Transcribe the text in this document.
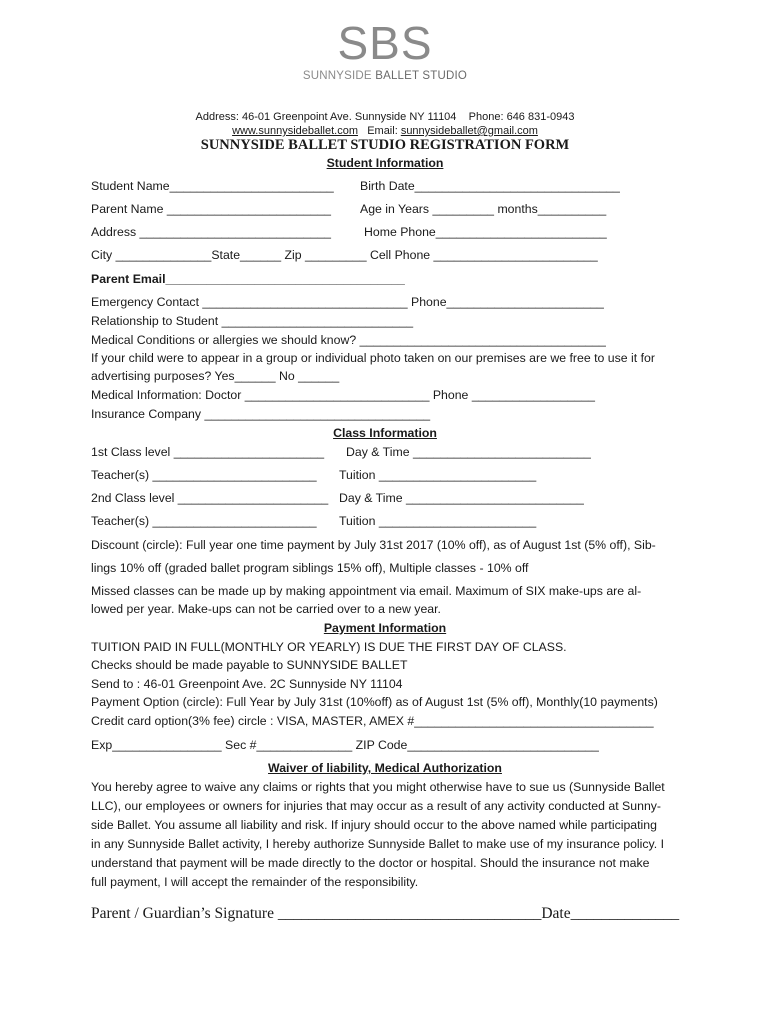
SBS
SUNNYSIDE BALLET STUDIO
Address: 46-01 Greenpoint Ave. Sunnyside NY 11104 Phone: 646 831-0943
www.sunnysideballet.com Email: sunnysideballet@gmail.com
SUNNYSIDE BALLET STUDIO REGISTRATION FORM
Student Information
Student Name________________________ Birth Date______________________________
Parent Name ________________________ Age in Years _________ months__________
Address ____________________________	Home Phone_________________________
City ______________State______ Zip _________ Cell Phone ________________________
Parent Email___________________________________
Emergency Contact ______________________________ Phone_______________________
Relationship to Student ____________________________
Medical Conditions or allergies we should know? ____________________________________
If your child were to appear in a group or individual photo taken on our premises are we free to use it for
advertising purposes? Yes______ No ______
Medical Information: Doctor ___________________________ Phone __________________
Insurance Company _________________________________
Class Information
1st Class level ______________________ Day & Time __________________________
Teacher(s) ________________________ Tuition _______________________
2nd Class level ______________________ Day & Time __________________________
Teacher(s) ________________________ Tuition _______________________
Discount (circle): Full year one time payment by July 31st 2017 (10% off), as of August 1st (5% off), Sib-
lings 10% off (graded ballet program siblings 15% off), Multiple classes - 10% off
Missed classes can be made up by making appointment via email. Maximum of SIX make-ups are al-
lowed per year. Make-ups can not be carried over to a new year.
Payment Information
TUITION PAID IN FULL(MONTHLY OR YEARLY) IS DUE THE FIRST DAY OF CLASS.
Checks should be made payable to SUNNYSIDE BALLET
Send to : 46-01 Greenpoint Ave. 2C Sunnyside NY 11104
Payment Option (circle): Full Year by July 31st (10%off) as of August 1st (5% off), Monthly(10 payments)
Credit card option(3% fee) circle : VISA, MASTER, AMEX #___________________________________
Exp________________ Sec #______________ ZIP Code____________________________
Waiver of liability, Medical Authorization
You hereby agree to waive any claims or rights that you might otherwise have to sue us (Sunnyside Ballet
LLC), our employees or owners for injuries that may occur as a result of any activity conducted at Sunny-
side Ballet. You assume all liability and risk. If injury should occur to the above named while participating
in any Sunnyside Ballet activity, I hereby authorize Sunnyside Ballet to make use of my insurance policy. I
understand that payment will be made directly to the doctor or hospital. Should the insurance not make
full payment, I will accept the remainder of the responsibility.
Parent / Guardian’s Signature __________________________________Date______________
